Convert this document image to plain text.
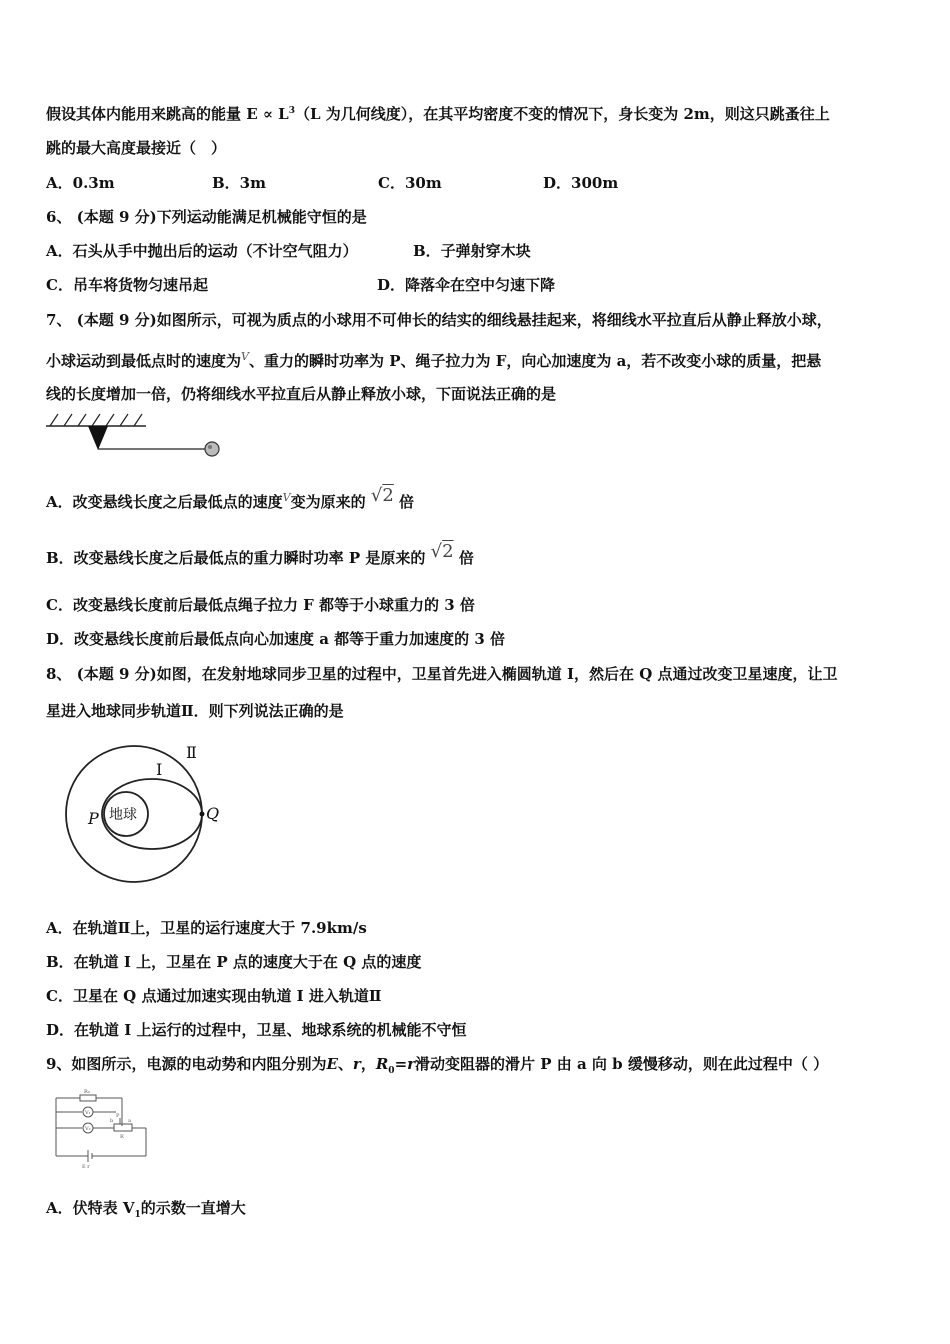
假设其体内能用来跳高的能量 $E \propto L^3(L$ 为几何线度），在其平均密度不变的情况下，身长变为 2m，则这只跳蚤往上
跳的最大高度最接近（　）
A．0.3m	B．3m	C．30m	D．300m
6、 (本题 9 分)下列运动能满足机械能守恒的是
A．石头从手中抛出后的运动（不计空气阻力）	B．子弹射穿木块
C．吊车将货物匀速吊起	D．降落伞在空中匀速下降
7、 (本题 9 分)如图所示，可视为质点的小球用不可伸长的结实的细线悬挂起来，将细线水平拉直后从静止释放小球，
小球运动到最低点时的速度为$^V$、重力的瞬时功率为 P、绳子拉力为 F，向心加速度为 a，若不改变小球的质量，把悬
线的长度增加一倍，仍将细线水平拉直后从静止释放小球，下面说法正确的是
A．改变悬线长度之后最低点的速度$^V$变为原来的 √2 倍
B．改变悬线长度之后最低点的重力瞬时功率 P 是原来的 √2 倍
C．改变悬线长度前后最低点绳子拉力 F 都等于小球重力的 3 倍
D．改变悬线长度前后最低点向心加速度 a 都等于重力加速度的 3 倍
8、 (本题 9 分)如图，在发射地球同步卫星的过程中，卫星首先进入椭圆轨道 I，然后在 Q 点通过改变卫星速度，让卫
星进入地球同步轨道Ⅱ．则下列说法正确的是
地球
P	Q
I
Ⅱ
A．在轨道Ⅱ上，卫星的运行速度大于 7.9km/s
B．在轨道 I 上，卫星在 P 点的速度大于在 Q 点的速度
C．卫星在 Q 点通过加速实现由轨道 I 进入轨道Ⅱ
D．在轨道 I 上运行的过程中，卫星、地球系统的机械能不守恒
9、如图所示，电源的电动势和内阻分别为E、r，$R_0=r$滑动变阻器的滑片 P 由 a 向 b 缓慢移动，则在此过程中（ ）
R₀
V₁
V₂
R
P
a
b
E r
A．伏特表 $V_1$的示数一直增大
